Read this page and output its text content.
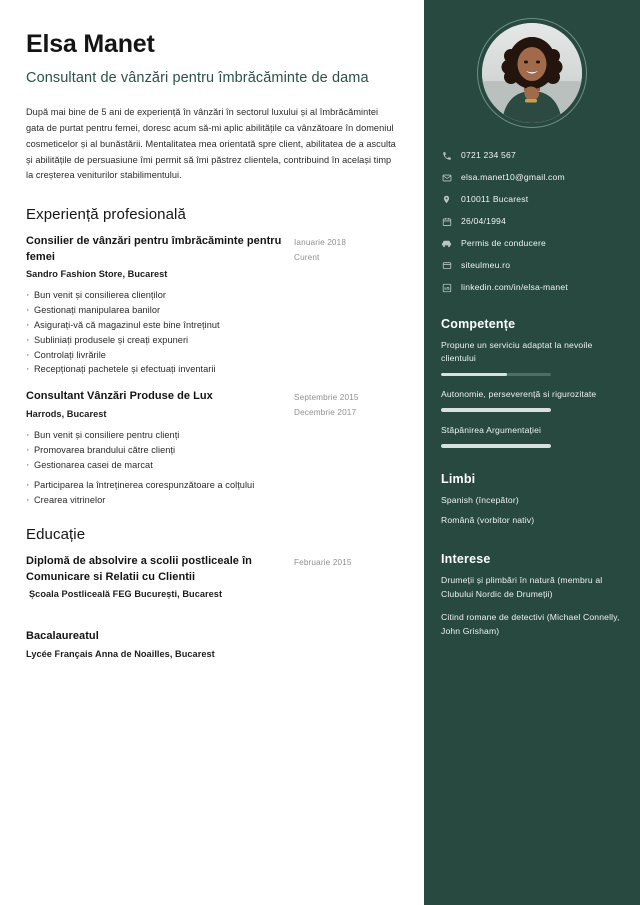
Elsa Manet
Consultant de vânzări pentru îmbrăcăminte de dama
După mai bine de 5 ani de experiență în vânzări în sectorul luxului și al îmbrăcămintei gata de purtat pentru femei, doresc acum să-mi aplic abilitățile ca vânzătoare în domeniul cosmeticelor și al bunăstării. Mentalitatea mea orientată spre client, abilitatea de a asculta și abilitățile de persuasiune îmi permit să îmi păstrez clientela, contribuind în același timp la creșterea veniturilor stabilimentului.
Experiență profesională
Consilier de vânzări pentru îmbrăcăminte pentru femei
Sandro Fashion Store, Bucarest
· Bun venit și consilierea clienților
· Gestionați manipularea banilor
· Asigurați-vă că magazinul este bine întreținut
· Subliniați produsele și creați expuneri
· Controlați livrările
· Recepționați pachetele și efectuați inventarii
Ianuarie 2018
Curent
Consultant Vânzări Produse de Lux
Harrods, Bucarest
· Bun venit și consiliere pentru clienți
· Promovarea brandului către clienți
· Gestionarea casei de marcat
· Participarea la întreținerea corespunzătoare a colțului
· Crearea vitrinelor
Septembrie 2015
Decembrie 2017
Educație
Diplomă de absolvire a scolii postliceale în Comunicare si Relatii cu Clientii
Școala Postliceală FEG București, Bucarest
Februarie 2015
Bacalaureatul
Lycée Français Anna de Noailles, Bucarest
0721 234 567
elsa.manet10@gmail.com
010011 Bucarest
26/04/1994
Permis de conducere
siteulmeu.ro
linkedin.com/in/elsa-manet
Competențe
Propune un serviciu adaptat la nevoile clientului
Autonomie, perseverență si rigurozitate
Stăpânirea Argumentației
Limbi
Spanish (începător)
Română (vorbitor nativ)
Interese
Drumeții și plimbări în natură (membru al Clubului Nordic de Drumeții)
Citind romane de detectivi (Michael Connelly, John Grisham)
